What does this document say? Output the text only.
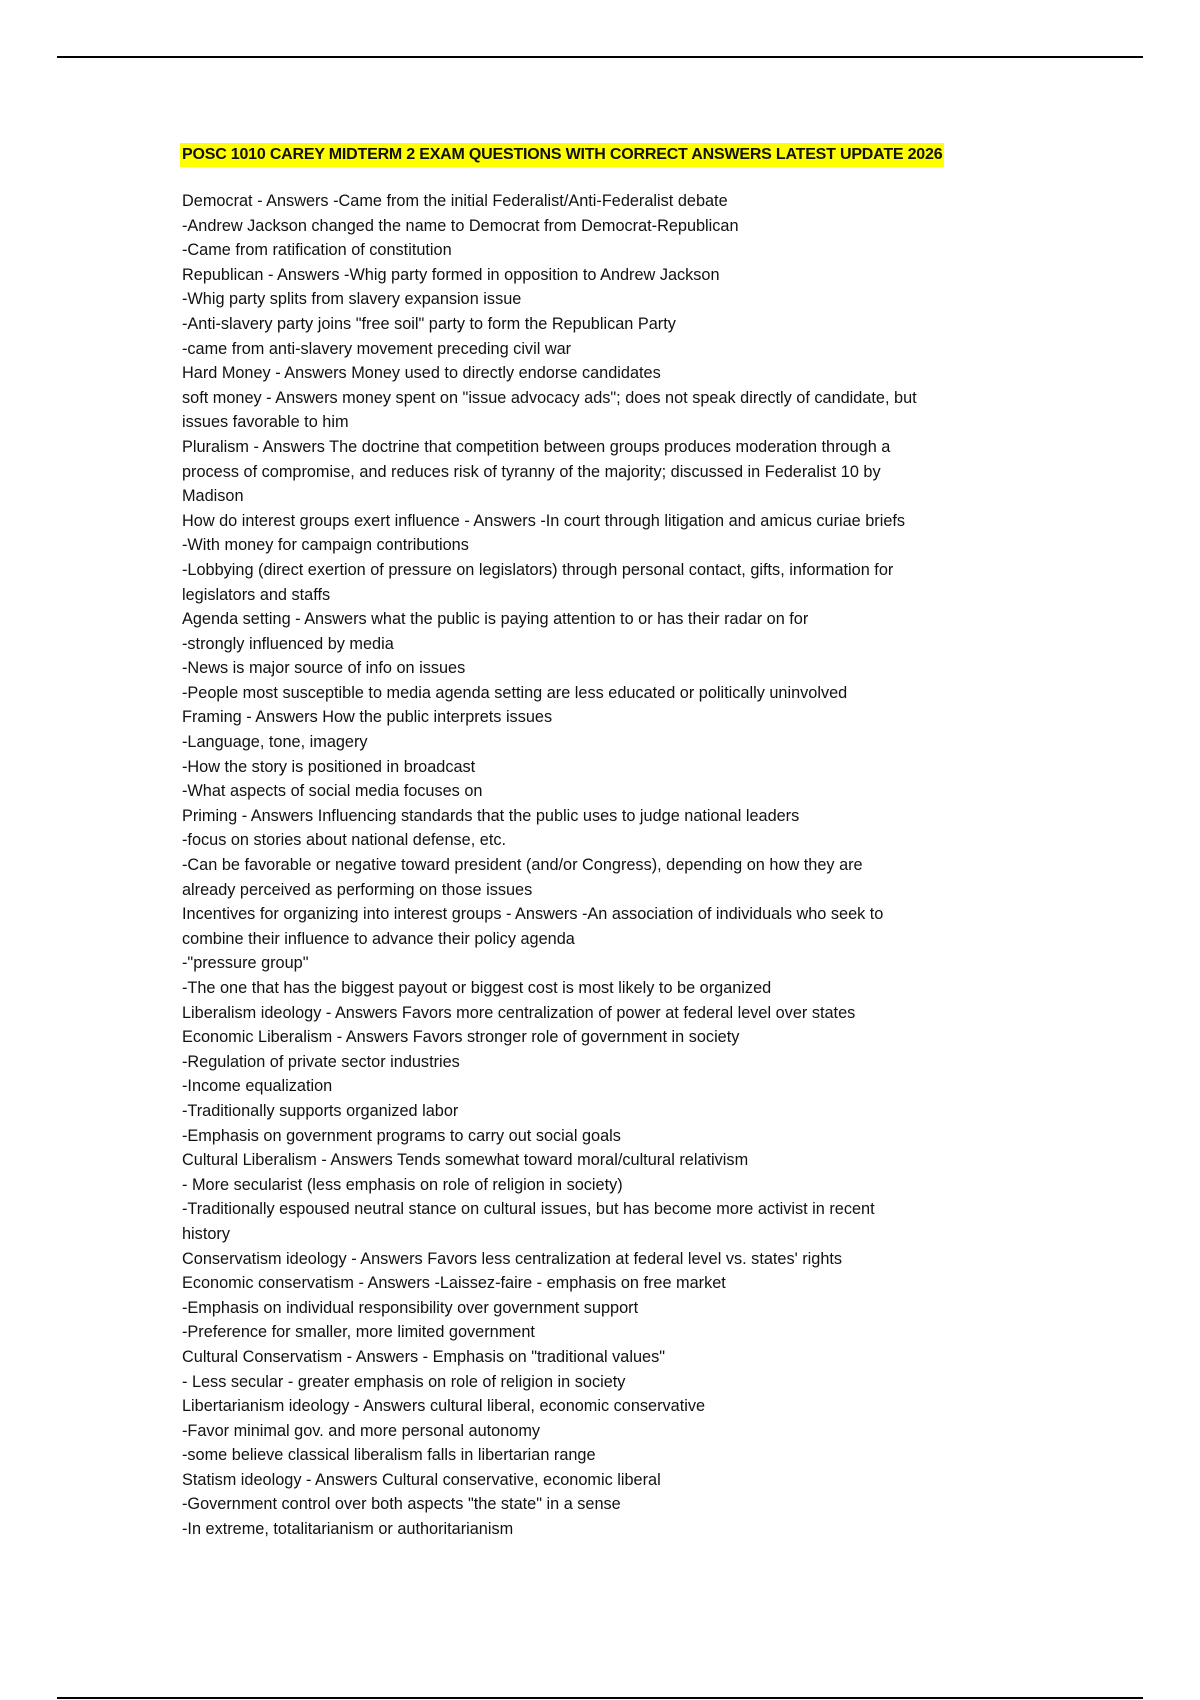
POSC 1010 CAREY MIDTERM 2 EXAM QUESTIONS WITH CORRECT ANSWERS LATEST UPDATE 2026
Democrat - Answers -Came from the initial Federalist/Anti-Federalist debate
-Andrew Jackson changed the name to Democrat from Democrat-Republican
-Came from ratification of constitution
Republican - Answers -Whig party formed in opposition to Andrew Jackson
-Whig party splits from slavery expansion issue
-Anti-slavery party joins "free soil" party to form the Republican Party
-came from anti-slavery movement preceding civil war
Hard Money - Answers Money used to directly endorse candidates
soft money - Answers money spent on "issue advocacy ads"; does not speak directly of candidate, but
issues favorable to him
Pluralism - Answers The doctrine that competition between groups produces moderation through a
process of compromise, and reduces risk of tyranny of the majority; discussed in Federalist 10 by
Madison
How do interest groups exert influence - Answers -In court through litigation and amicus curiae briefs
-With money for campaign contributions
-Lobbying (direct exertion of pressure on legislators) through personal contact, gifts, information for
legislators and staffs
Agenda setting - Answers what the public is paying attention to or has their radar on for
-strongly influenced by media
-News is major source of info on issues
-People most susceptible to media agenda setting are less educated or politically uninvolved
Framing - Answers How the public interprets issues
-Language, tone, imagery
-How the story is positioned in broadcast
-What aspects of social media focuses on
Priming - Answers Influencing standards that the public uses to judge national leaders
-focus on stories about national defense, etc.
-Can be favorable or negative toward president (and/or Congress), depending on how they are
already perceived as performing on those issues
Incentives for organizing into interest groups - Answers -An association of individuals who seek to
combine their influence to advance their policy agenda
-"pressure group"
-The one that has the biggest payout or biggest cost is most likely to be organized
Liberalism ideology - Answers Favors more centralization of power at federal level over states
Economic Liberalism - Answers Favors stronger role of government in society
-Regulation of private sector industries
-Income equalization
-Traditionally supports organized labor
-Emphasis on government programs to carry out social goals
Cultural Liberalism - Answers Tends somewhat toward moral/cultural relativism
- More secularist (less emphasis on role of religion in society)
-Traditionally espoused neutral stance on cultural issues, but has become more activist in recent
history
Conservatism ideology - Answers Favors less centralization at federal level vs. states' rights
Economic conservatism - Answers -Laissez-faire - emphasis on free market
-Emphasis on individual responsibility over government support
-Preference for smaller, more limited government
Cultural Conservatism - Answers - Emphasis on "traditional values"
- Less secular - greater emphasis on role of religion in society
Libertarianism ideology - Answers cultural liberal, economic conservative
-Favor minimal gov. and more personal autonomy
-some believe classical liberalism falls in libertarian range
Statism ideology - Answers Cultural conservative, economic liberal
-Government control over both aspects "the state" in a sense
-In extreme, totalitarianism or authoritarianism
